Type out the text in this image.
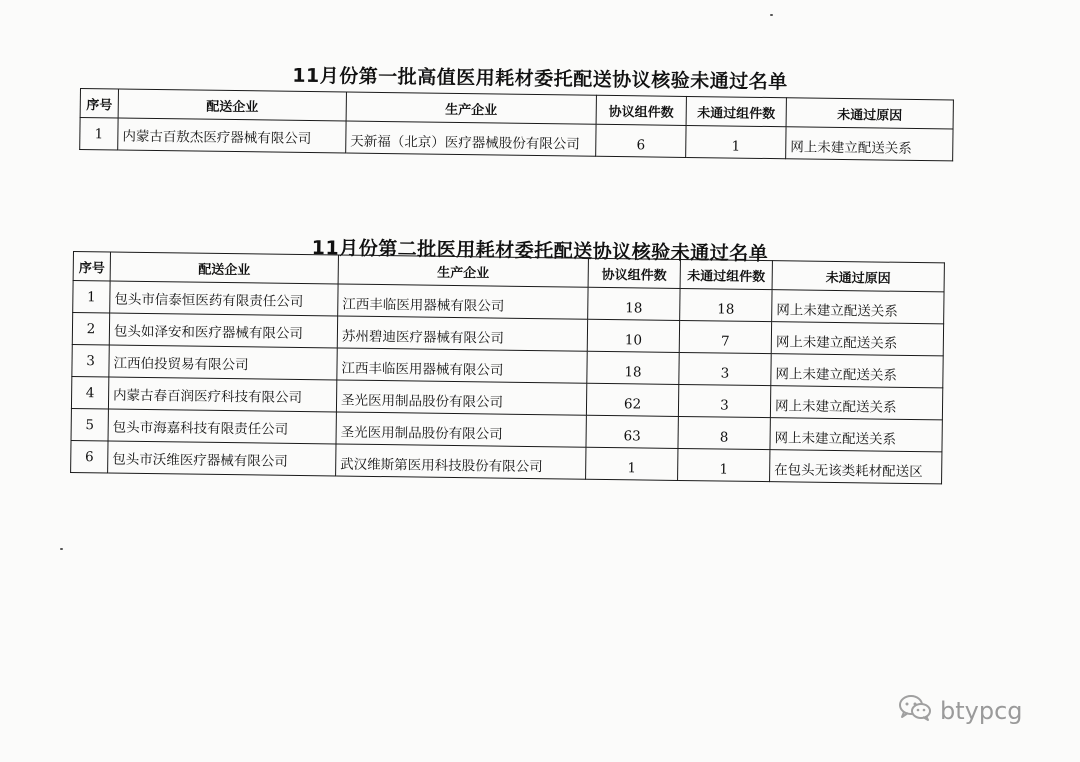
11月份第一批高值医用耗材委托配送协议核验未通过名单
序号	配送企业	生产企业	协议组件数	未通过组件数	未通过原因
1	内蒙古百敖杰医疗器械有限公司	天新福（北京）医疗器械股份有限公司	6	1	网上未建立配送关系
11月份第二批医用耗材委托配送协议核验未通过名单
序号	配送企业	生产企业	协议组件数	未通过组件数	未通过原因
1	包头市信泰恒医药有限责任公司	江西丰临医用器械有限公司	18	18	网上未建立配送关系
2	包头如泽安和医疗器械有限公司	苏州碧迪医疗器械有限公司	10	7	网上未建立配送关系
3	江西伯投贸易有限公司	江西丰临医用器械有限公司	18	3	网上未建立配送关系
4	内蒙古春百润医疗科技有限公司	圣光医用制品股份有限公司	62	3	网上未建立配送关系
5	包头市海嘉科技有限责任公司	圣光医用制品股份有限公司	63	8	网上未建立配送关系
6	包头市沃维医疗器械有限公司	武汉维斯第医用科技股份有限公司	1	1	在包头无该类耗材配送区
btypcg
